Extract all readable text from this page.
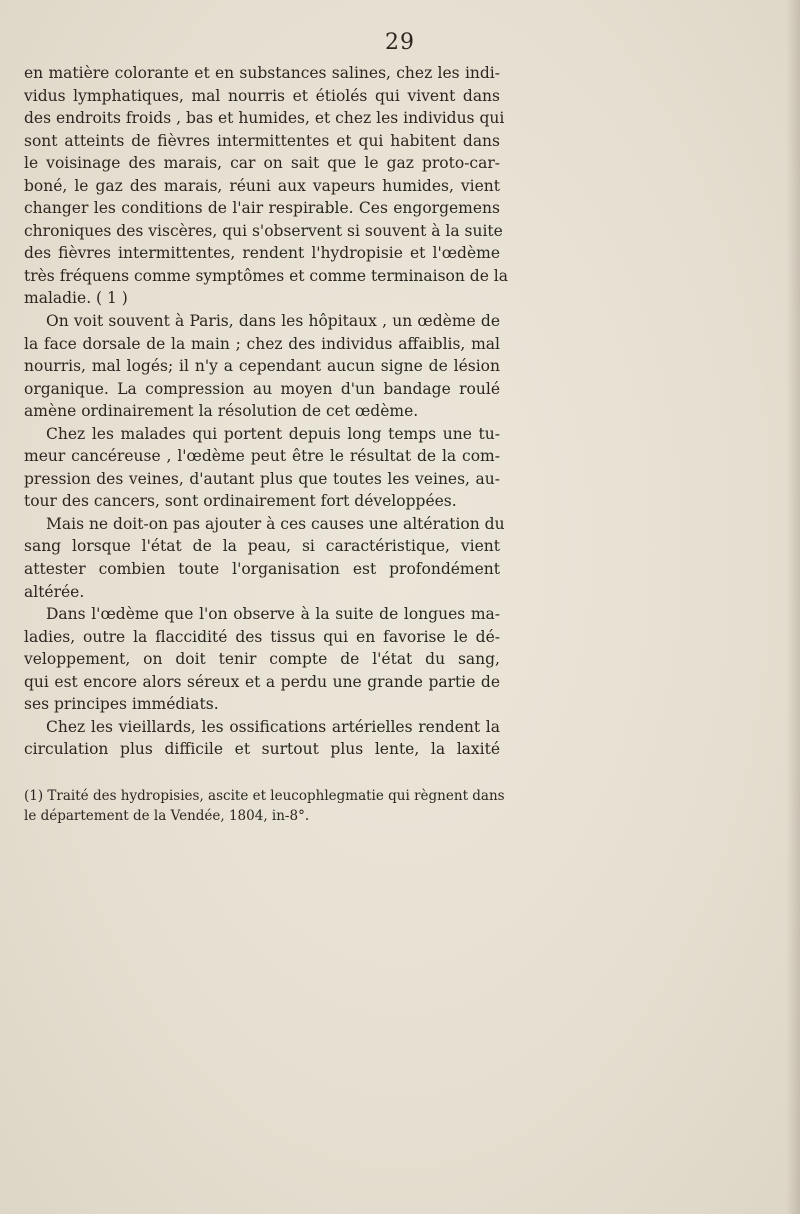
29
en matière colorante et en substances salines, chez les indi-
vidus lymphatiques, mal nourris et étiolés qui vivent dans
des endroits froids , bas et humides, et chez les individus qui
sont atteints de fièvres intermittentes et qui habitent dans
le voisinage des marais, car on sait que le gaz proto-car-
boné, le gaz des marais, réuni aux vapeurs humides, vient
changer les conditions de l'air respirable. Ces engorgemens
chroniques des viscères, qui s'observent si souvent à la suite
des fièvres intermittentes, rendent l'hydropisie et l'œdème
très fréquens comme symptômes et comme terminaison de la
maladie. ( 1 )
On voit souvent à Paris, dans les hôpitaux , un œdème de
la face dorsale de la main ; chez des individus affaiblis, mal
nourris, mal logés; il n'y a cependant aucun signe de lésion
organique. La compression au moyen d'un bandage roulé
amène ordinairement la résolution de cet œdème.
Chez les malades qui portent depuis long temps une tu-
meur cancéreuse , l'œdème peut être le résultat de la com-
pression des veines, d'autant plus que toutes les veines, au-
tour des cancers, sont ordinairement fort développées.
Mais ne doit-on pas ajouter à ces causes une altération du
sang lorsque l'état de la peau, si caractéristique, vient
attester combien toute l'organisation est profondément
altérée.
Dans l'œdème que l'on observe à la suite de longues ma-
ladies, outre la flaccidité des tissus qui en favorise le dé-
veloppement, on doit tenir compte de l'état du sang,
qui est encore alors séreux et a perdu une grande partie de
ses principes immédiats.
Chez les vieillards, les ossifications artérielles rendent la
circulation plus difficile et surtout plus lente, la laxité
(1) Traité des hydropisies, ascite et leucophlegmatie qui règnent dans
le département de la Vendée, 1804, in-8°.
